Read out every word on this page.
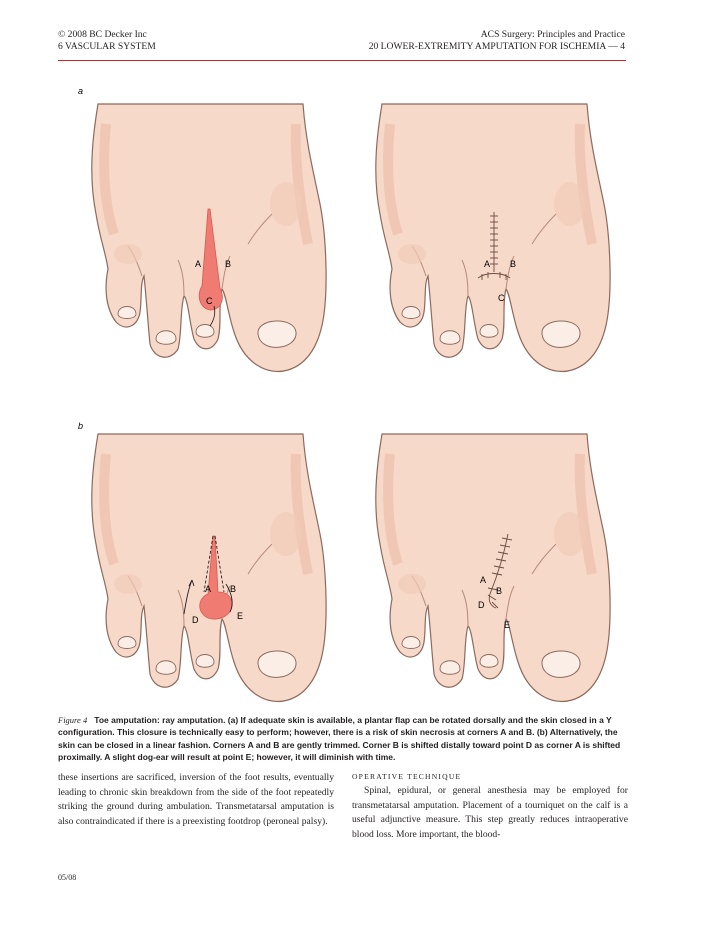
© 2008 BC Decker Inc
6 VASCULAR SYSTEM
ACS Surgery: Principles and Practice
20 LOWER-EXTREMITY AMPUTATION FOR ISCHEMIA — 4
a
A	B
C
A B
C
b
A B
D	E
A
B
D
E
Figure 4 Toe amputation: ray amputation. (a) If adequate skin is available, a plantar flap can be rotated dorsally and the skin closed in a Y configuration. This closure is technically easy to perform; however, there is a risk of skin necrosis at corners A and B. (b) Alternatively, the skin can be closed in a linear fashion. Corners A and B are gently trimmed. Corner B is shifted distally toward point D as corner A is shifted proximally. A slight dog-ear will result at point E; however, it will diminish with time.
these insertions are sacrificed, inversion of the foot results, eventually leading to chronic skin breakdown from the side of the foot repeatedly striking the ground during ambulation. Transmetatarsal amputation is also contraindicated if there is a preexisting footdrop (peroneal palsy).
OPERATIVE TECHNIQUE
Spinal, epidural, or general anesthesia may be employed for transmetatarsal amputation. Placement of a tourniquet on the calf is a useful adjunctive measure. This step greatly reduces intraoperative blood loss. More important, the blood-
05/08
